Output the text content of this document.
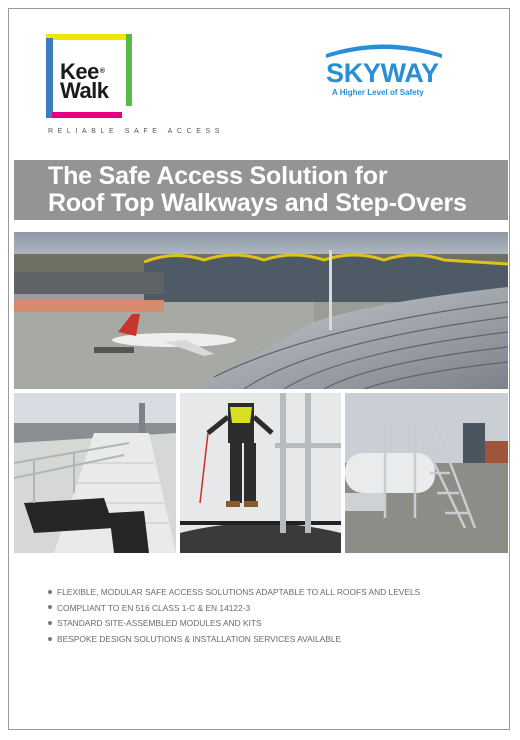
Kee®
Walk
RELIABLE SAFE ACCESS
SKYWAY
A Higher Level of Safety
The Safe Access Solution for
Roof Top Walkways and Step-Overs
FLEXIBLE, MODULAR SAFE ACCESS SOLUTIONS ADAPTABLE TO ALL ROOFS AND LEVELS
COMPLIANT TO EN 516 CLASS 1-C & EN 14122-3
STANDARD SITE-ASSEMBLED MODULES AND KITS
BESPOKE DESIGN SOLUTIONS & INSTALLATION SERVICES AVAILABLE
